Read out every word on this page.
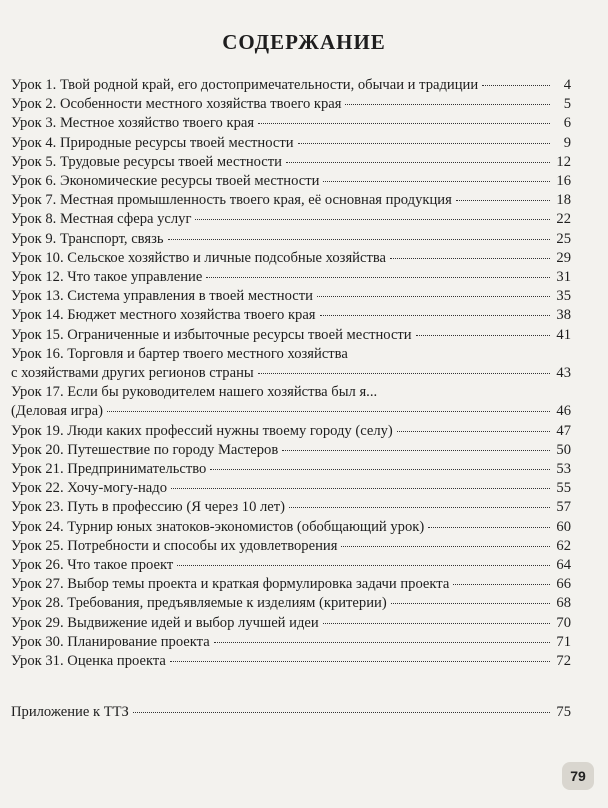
СОДЕРЖАНИЕ
Урок 1. Твой родной край, его достопримечательности, обычаи и традиции	4
Урок 2. Особенности местного хозяйства твоего края	5
Урок 3. Местное хозяйство твоего края	6
Урок 4. Природные ресурсы твоей местности	9
Урок 5. Трудовые ресурсы твоей местности	12
Урок 6. Экономические ресурсы твоей местности	16
Урок 7. Местная промышленность твоего края, её основная продукция	18
Урок 8. Местная сфера услуг	22
Урок 9. Транспорт, связь	25
Урок 10. Сельское хозяйство и личные подсобные хозяйства	29
Урок 12. Что такое управление	31
Урок 13. Система управления в твоей местности	35
Урок 14. Бюджет местного хозяйства твоего края	38
Урок 15. Ограниченные и избыточные ресурсы твоей местности	41
Урок 16. Торговля и бартер твоего местного хозяйства
с хозяйствами других регионов страны	43
Урок 17. Если бы руководителем нашего хозяйства был я...
(Деловая игра)	46
Урок 19. Люди каких профессий нужны твоему городу (селу)	47
Урок 20. Путешествие по городу Мастеров	50
Урок 21. Предпринимательство	53
Урок 22. Хочу-могу-надо	55
Урок 23. Путь в профессию (Я через 10 лет)	57
Урок 24. Турнир юных знатоков-экономистов (обобщающий урок)	60
Урок 25. Потребности и способы их удовлетворения	62
Урок 26. Что такое проект	64
Урок 27. Выбор темы проекта и краткая формулировка задачи проекта	66
Урок 28. Требования, предъявляемые к изделиям (критерии)	68
Урок 29. Выдвижение идей и выбор лучшей идеи	70
Урок 30. Планирование проекта	71
Урок 31. Оценка проекта	72
Приложение к ТТЗ	75
79
